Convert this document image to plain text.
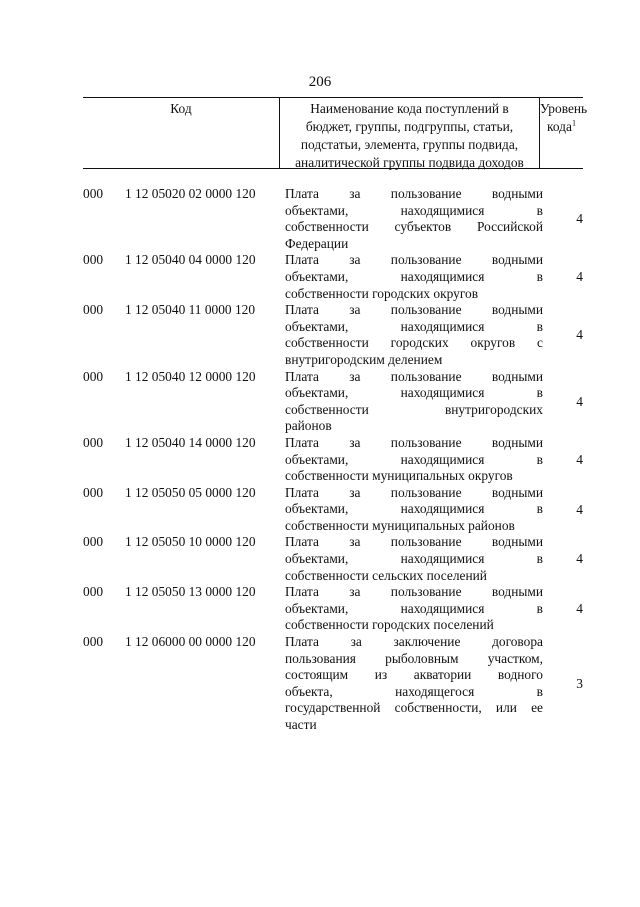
206
Код	Наименование кода поступлений в
бюджет, группы, подгруппы, статьи,
подстатьи, элемента, группы подвида,
аналитической группы подвида доходов
Уровень
кода$^1$
000	1 12 05020 02 0000 120	Плата за пользование водными
объектами, находящимися в
собственности субъектов Российской
Федерации
4
000	1 12 05040 04 0000 120	Плата за пользование водными
объектами, находящимися в
собственности городских округов
4
000	1 12 05040 11 0000 120	Плата за пользование водными
объектами, находящимися в
собственности городских округов с
внутригородским делением
4
000	1 12 05040 12 0000 120	Плата за пользование водными
объектами, находящимися в
собственности внутригородских
районов
4
000	1 12 05040 14 0000 120	Плата за пользование водными
объектами, находящимися в
собственности муниципальных округов
4
000	1 12 05050 05 0000 120	Плата за пользование водными
объектами, находящимися в
собственности муниципальных районов
4
000	1 12 05050 10 0000 120	Плата за пользование водными
объектами, находящимися в
собственности сельских поселений
4
000	1 12 05050 13 0000 120	Плата за пользование водными
объектами, находящимися в
собственности городских поселений
4
000	1 12 06000 00 0000 120	Плата за заключение договора
пользования рыболовным участком,
состоящим из акватории водного
объекта, находящегося в
государственной собственности, или ее
части
3
